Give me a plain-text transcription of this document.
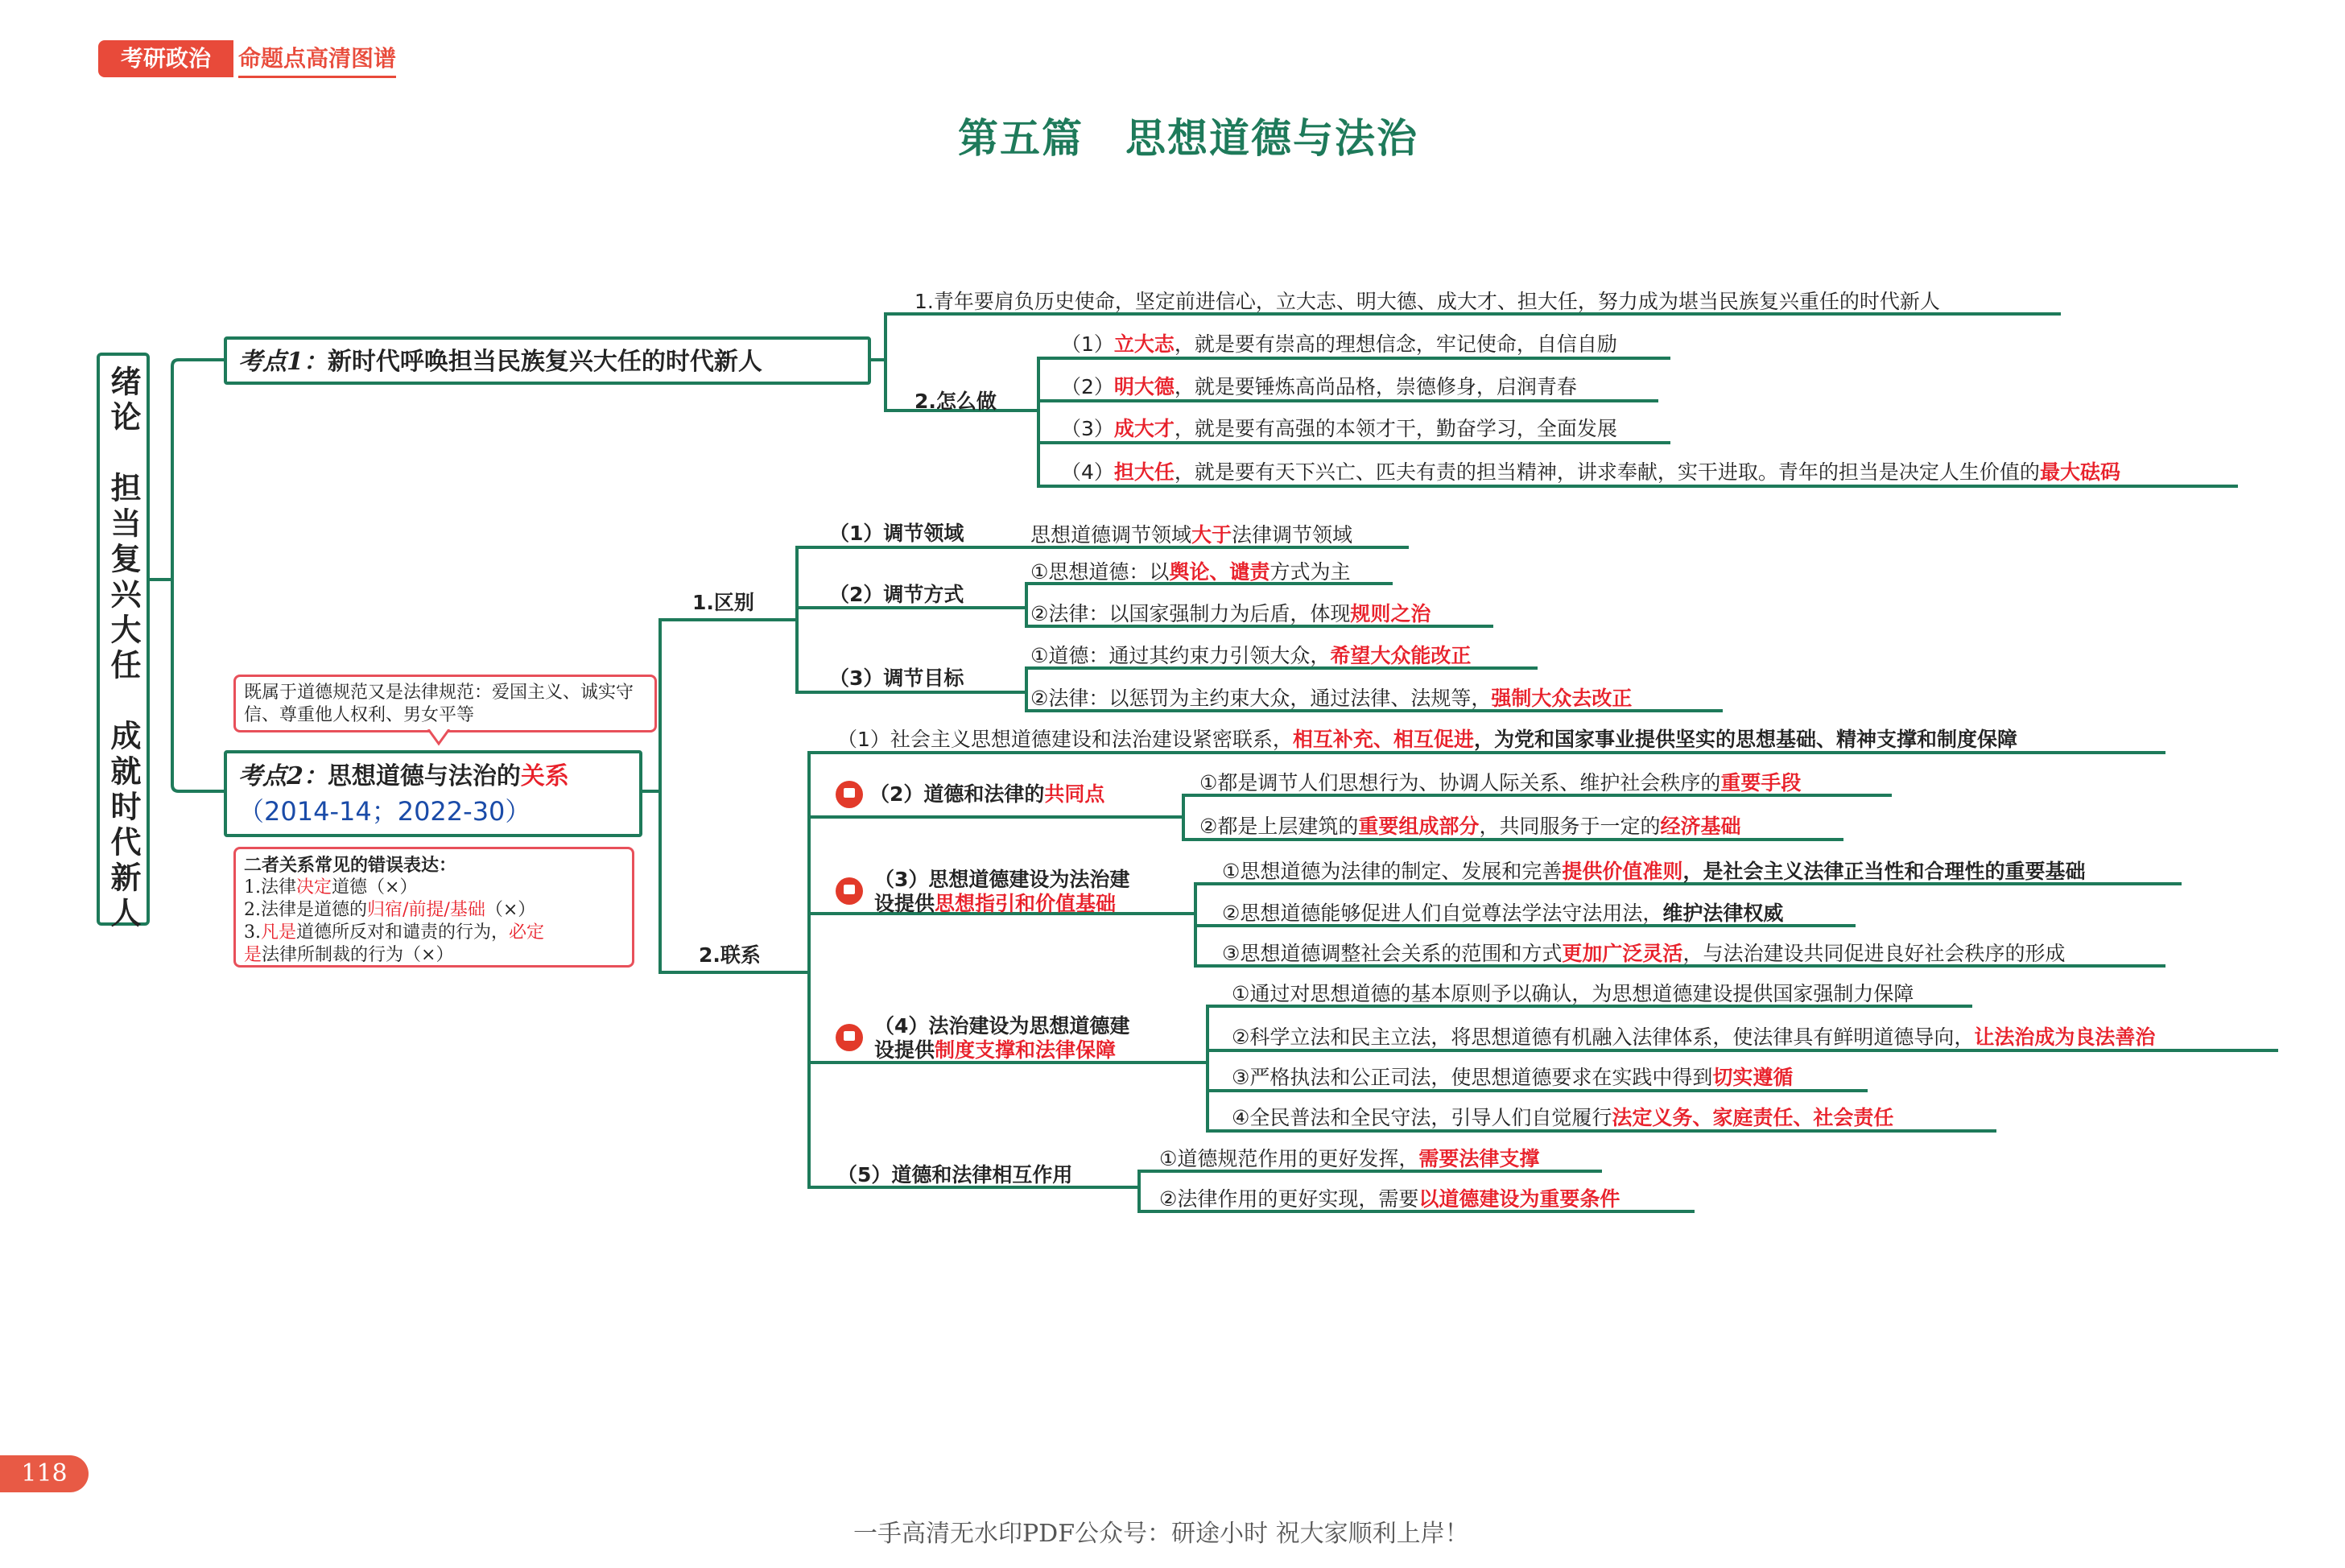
考研政治	命题点高清图谱
第五篇　思想道德与法治
绪论　担当复兴大任　成就时代新人
考点1：新时代呼唤担当民族复兴大任的时代新人
1.青年要肩负历史使命，坚定前进信心，立大志、明大德、成大才、担大任，努力成为堪当民族复兴重任的时代新人
2.怎么做
（1）立大志，就是要有崇高的理想信念，牢记使命，自信自励
（2）明大德，就是要锤炼高尚品格，崇德修身，启润青春
（3）成大才，就是要有高强的本领才干，勤奋学习，全面发展
（4）担大任，就是要有天下兴亡、匹夫有责的担当精神，讲求奉献，实干进取。青年的担当是决定人生价值的最大砝码
既属于道德规范又是法律规范：爱国主义、诚实守信、尊重他人权利、男女平等
考点2：思想道德与法治的关系
（2014-14；2022-30）
二者关系常见的错误表达：
1.法律决定道德（×）
2.法律是道德的归宿/前提/基础（×）
3.凡是道德所反对和谴责的行为，必定
是法律所制裁的行为（×）
1.区别
（1）调节领域	思想道德调节领域大于法律调节领域
（2）调节方式
①思想道德：以舆论、谴责方式为主
②法律：以国家强制力为后盾，体现规则之治
（3）调节目标
①道德：通过其约束力引领大众，希望大众能改正
②法律：以惩罚为主约束大众，通过法律、法规等，强制大众去改正
2.联系
（1）社会主义思想道德建设和法治建设紧密联系，相互补充、相互促进，为党和国家事业提供坚实的思想基础、精神支撑和制度保障
（2）道德和法律的共同点	①都是调节人们思想行为、协调人际关系、维护社会秩序的重要手段
②都是上层建筑的重要组成部分，共同服务于一定的经济基础
（3）思想道德建设为法治建
设提供思想指引和价值基础
①思想道德为法律的制定、发展和完善提供价值准则，是社会主义法律正当性和合理性的重要基础
②思想道德能够促进人们自觉尊法学法守法用法，维护法律权威
③思想道德调整社会关系的范围和方式更加广泛灵活，与法治建设共同促进良好社会秩序的形成
（4）法治建设为思想道德建
设提供制度支撑和法律保障
①通过对思想道德的基本原则予以确认，为思想道德建设提供国家强制力保障
②科学立法和民主立法，将思想道德有机融入法律体系，使法律具有鲜明道德导向，让法治成为良法善治
③严格执法和公正司法，使思想道德要求在实践中得到切实遵循
④全民普法和全民守法，引导人们自觉履行法定义务、家庭责任、社会责任
（5）道德和法律相互作用
①道德规范作用的更好发挥，需要法律支撑
②法律作用的更好实现，需要以道德建设为重要条件
118
一手高清无水印PDF公众号：研途小时 祝大家顺利上岸！
